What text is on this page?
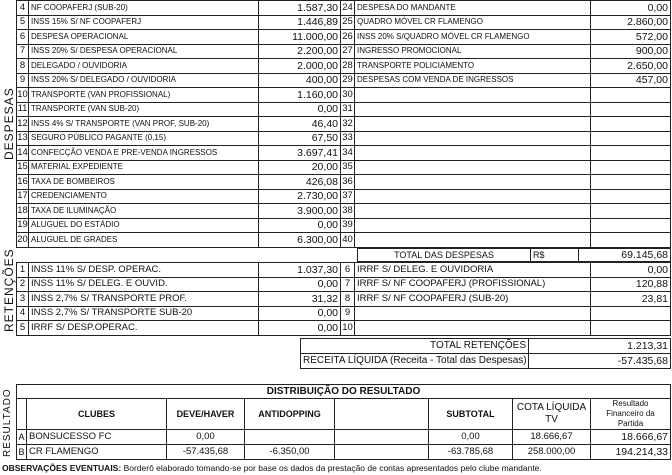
DESPESAS
4	NF COOPAFERJ (SUB-20)	1.587,30	24	DESPESA DO MANDANTE	0,00
5	INSS 15% S/ NF COOPAFERJ	1.446,89	25	QUADRO MÓVEL CR FLAMENGO	2.860,00
6	DESPESA OPERACIONAL	11.000,00	26	INSS 20% S/QUADRO MÓVEL CR FLAMENGO	572,00
7	INSS 20% S/ DESPESA OPERACIONAL	2.200,00	27	INGRESSO PROMOCIONAL	900,00
8	DELEGADO / OUVIDORIA	2.000,00	28	TRANSPORTE POLICIAMENTO	2.650,00
9	INSS 20% S/ DELEGADO / OUVIDORIA	400,00	29	DESPESAS COM VENDA DE INGRESSOS	457,00
10	TRANSPORTE (VAN PROFISSIONAL)	1.160,00	30		
11	TRANSPORTE (VAN SUB-20)	0,00	31		
12	INSS 4% S/ TRANSPORTE (VAN PROF, SUB-20)	46,40	32		
13	SEGURO PÚBLICO PAGANTE (0.15)	67,50	33		
14	CONFECÇÃO VENDA E PRE-VENDA INGRESSOS	3.697,41	34		
15	MATERIAL EXPEDIENTE	20,00	35		
16	TAXA DE BOMBEIROS	426,08	36		
17	CREDENCIAMENTO	2.730,00	37		
18	TAXA DE ILUMINAÇÃO	3.900,00	38		
19	ALUGUEL DO ESTÁDIO	0,00	39		
20	ALUGUEL DE GRADES	6.300,00	40		
TOTAL DAS DESPESAS	R$	69.145,68
RETENÇÕES 1	INSS 11% S/ DESP. OPERAC.	1.037,30	6	IRRF S/ DELEG. E OUVIDORIA	0,00
2	INSS 11% S/ DELEG. E OUVID.	0,00	7	IRRF S/ NF COOPAFERJ (PROFISSIONAL)	120,88
3	INSS 2,7% S/ TRANSPORTE PROF.	31,32	8	IRRF S/ NF COOPAFERJ (SUB-20)	23,81
4	INSS 2,7% S/ TRANSPORTE SUB-20	0,00	9		
5	IRRF S/ DESP.OPERAC.	0,00	10		
TOTAL RETENÇÕES	1.213,31
RECEITA LÍQUIDA (Receita - Total das Despesas)	-57.435,68
RESULTADO	DISTRIBUIÇÃO DO RESULTADO							
	CLUBES	DEVE/HAVER	ANTIDOPPING		SUBTOTAL	COTA LÍQUIDA TV	Resultado Financeiro da Partida
A	BONSUCESSO FC	0,00			0,00	18.666,67	18.666,67
B	CR FLAMENGO	-57.435,68	-6.350,00		-63.785,68	258.000,00	194.214,33
OBSERVAÇÕES EVENTUAIS: Borderô elaborado tomando-se por base os dados da prestação de contas apresentados pelo clube mandante.
